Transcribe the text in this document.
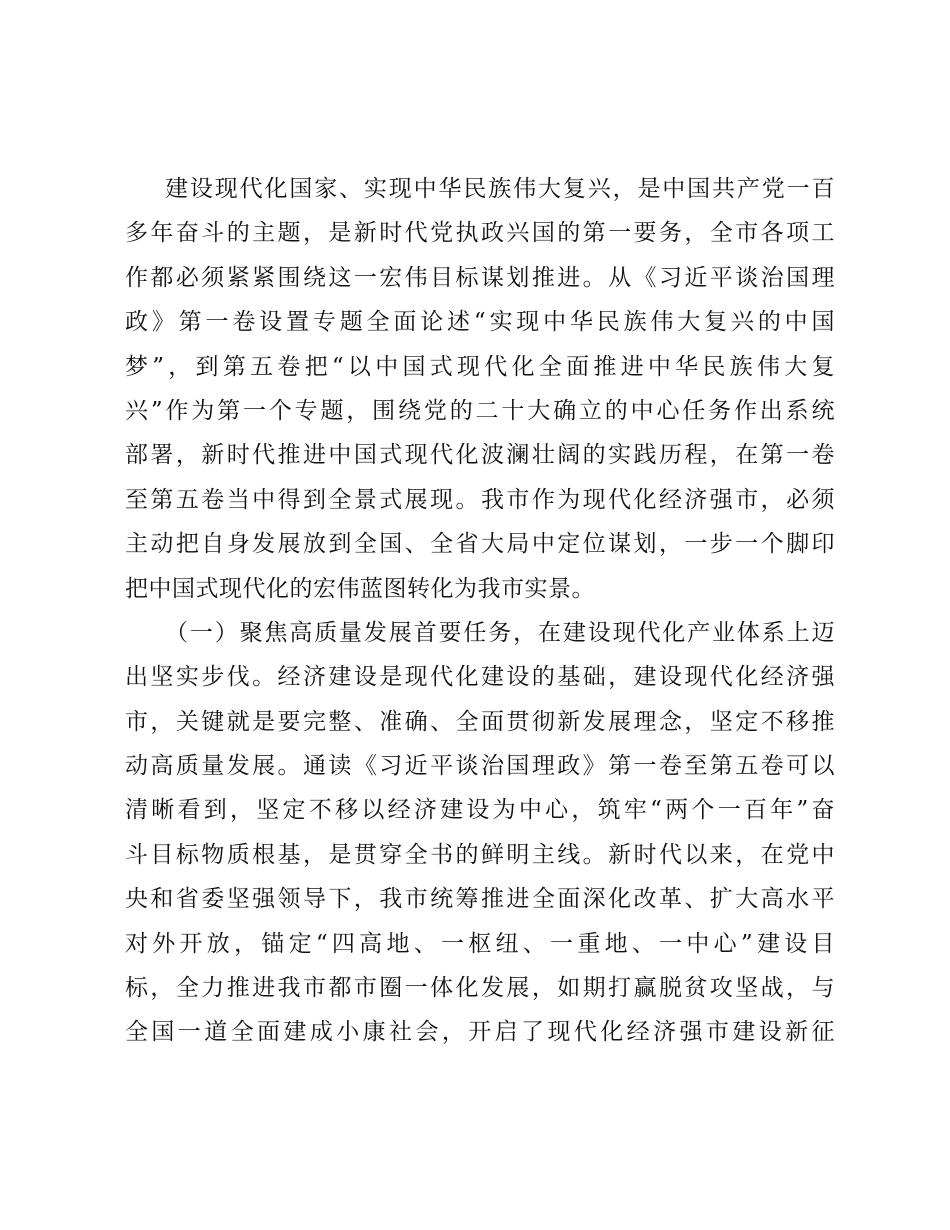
建设现代化国家、实现中华民族伟大复兴，是中国共产党一百
多年奋斗的主题，是新时代党执政兴国的第一要务，全市各项工
作都必须紧紧围绕这一宏伟目标谋划推进。从《习近平谈治国理
政》第一卷设置专题全面论述“实现中华民族伟大复兴的中国
梦”，到第五卷把“以中国式现代化全面推进中华民族伟大复
兴”作为第一个专题，围绕党的二十大确立的中心任务作出系统
部署，新时代推进中国式现代化波澜壮阔的实践历程，在第一卷
至第五卷当中得到全景式展现。我市作为现代化经济强市，必须
主动把自身发展放到全国、全省大局中定位谋划，一步一个脚印
把中国式现代化的宏伟蓝图转化为我市实景。
（一）聚焦高质量发展首要任务，在建设现代化产业体系上迈
出坚实步伐。经济建设是现代化建设的基础，建设现代化经济强
市，关键就是要完整、准确、全面贯彻新发展理念，坚定不移推
动高质量发展。通读《习近平谈治国理政》第一卷至第五卷可以
清晰看到，坚定不移以经济建设为中心，筑牢“两个一百年”奋
斗目标物质根基，是贯穿全书的鲜明主线。新时代以来，在党中
央和省委坚强领导下，我市统筹推进全面深化改革、扩大高水平
对外开放，锚定“四高地、一枢纽、一重地、一中心”建设目
标，全力推进我市都市圈一体化发展，如期打赢脱贫攻坚战，与
全国一道全面建成小康社会，开启了现代化经济强市建设新征
